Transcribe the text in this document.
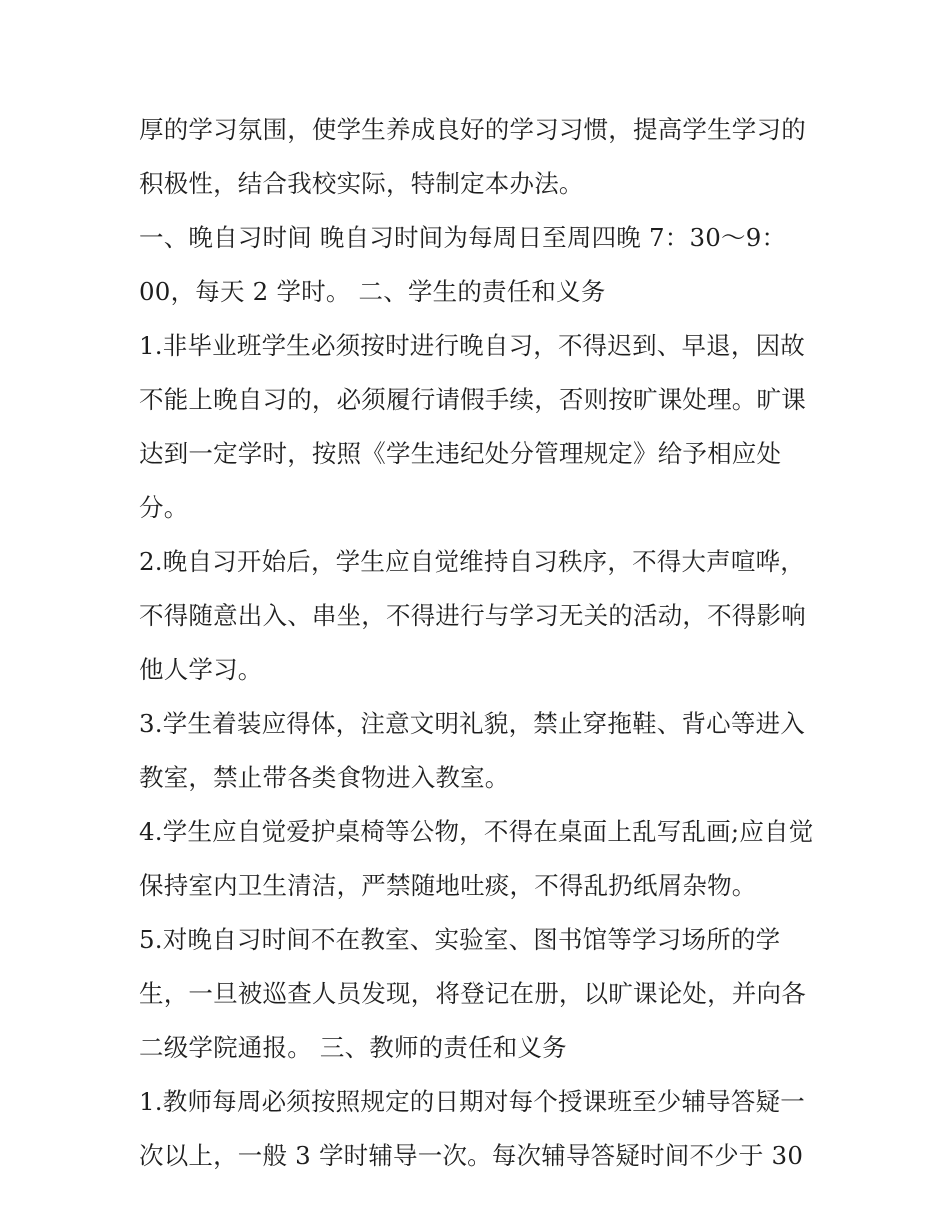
厚的学习氛围，使学生养成良好的学习习惯，提高学生学习的
积极性，结合我校实际，特制定本办法。
一、晚自习时间 晚自习时间为每周日至周四晚 7：30～9：
00，每天 2 学时。 二、学生的责任和义务
1.非毕业班学生必须按时进行晚自习，不得迟到、早退，因故
不能上晚自习的，必须履行请假手续，否则按旷课处理。旷课
达到一定学时，按照《学生违纪处分管理规定》给予相应处
分。
2.晚自习开始后，学生应自觉维持自习秩序，不得大声喧哗，
不得随意出入、串坐，不得进行与学习无关的活动，不得影响
他人学习。
3.学生着装应得体，注意文明礼貌，禁止穿拖鞋、背心等进入
教室，禁止带各类食物进入教室。
4.学生应自觉爱护桌椅等公物，不得在桌面上乱写乱画;应自觉
保持室内卫生清洁，严禁随地吐痰，不得乱扔纸屑杂物。
5.对晚自习时间不在教室、实验室、图书馆等学习场所的学
生，一旦被巡查人员发现，将登记在册，以旷课论处，并向各
二级学院通报。 三、教师的责任和义务
1.教师每周必须按照规定的日期对每个授课班至少辅导答疑一
次以上，一般 3 学时辅导一次。每次辅导答疑时间不少于 30
